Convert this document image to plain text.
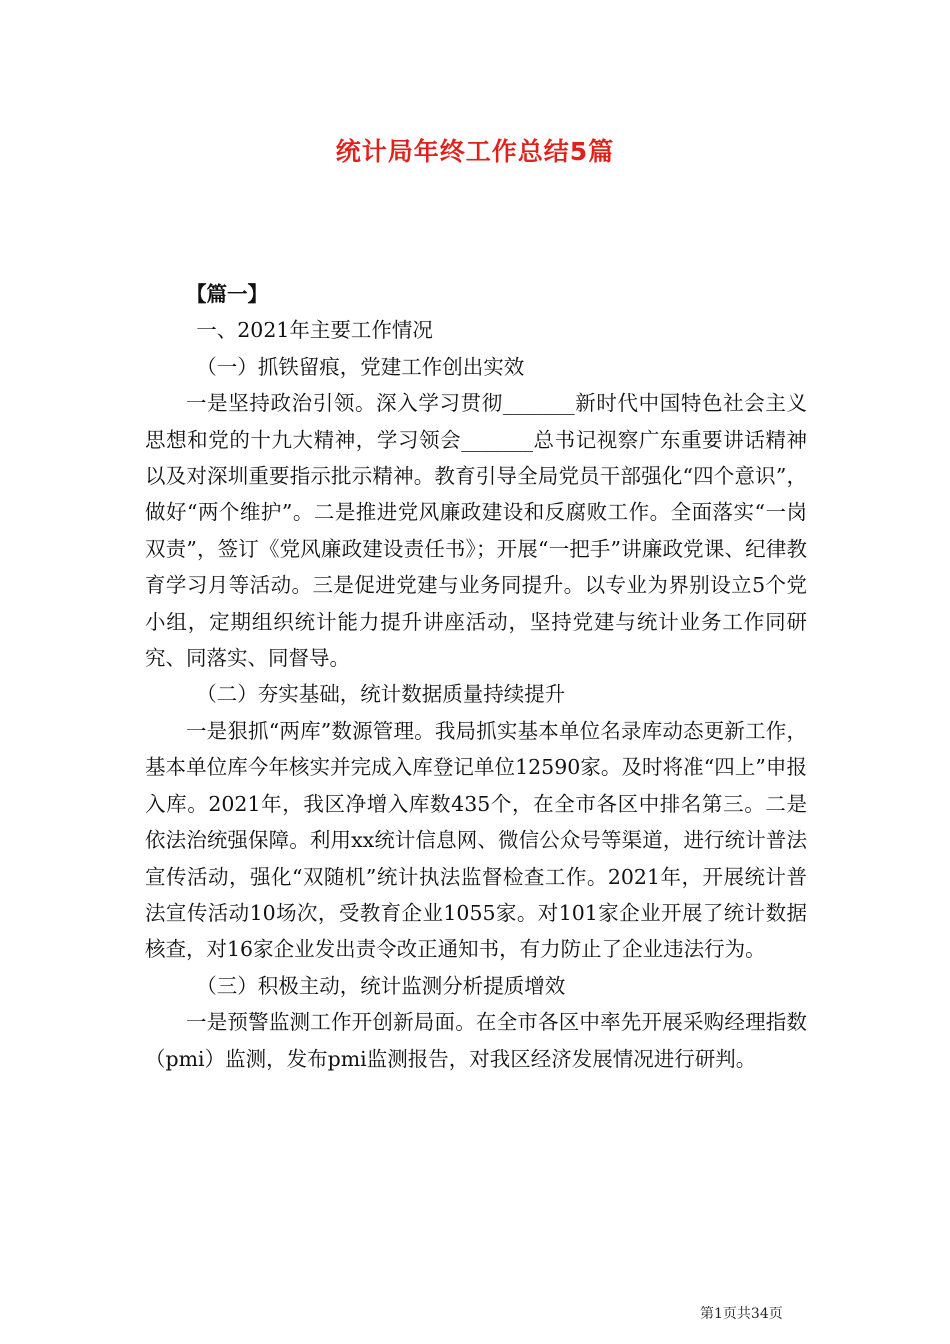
统计局年终工作总结5篇

【篇一】

一、2021年主要工作情况

（一）抓铁留痕，党建工作创出实效

一是坚持政治引领。深入学习贯彻_______新时代中国特色社会主义思想和党的十九大精神，学习领会_______总书记视察广东重要讲话精神以及对深圳重要指示批示精神。教育引导全局党员干部强化“四个意识”，做好“两个维护”。二是推进党风廉政建设和反腐败工作。全面落实“一岗双责”，签订《党风廉政建设责任书》；开展“一把手”讲廉政党课、纪律教育学习月等活动。三是促进党建与业务同提升。以专业为界别设立5个党小组，定期组织统计能力提升讲座活动，坚持党建与统计业务工作同研究、同落实、同督导。

（二）夯实基础，统计数据质量持续提升

一是狠抓“两库”数源管理。我局抓实基本单位名录库动态更新工作，基本单位库今年核实并完成入库登记单位12590家。及时将准“四上”申报入库。2021年，我区净增入库数435个，在全市各区中排名第三。二是依法治统强保障。利用xx统计信息网、微信公众号等渠道，进行统计普法宣传活动，强化“双随机”统计执法监督检查工作。2021年，开展统计普法宣传活动10场次，受教育企业1055家。对101家企业开展了统计数据核查，对16家企业发出责令改正通知书，有力防止了企业违法行为。

（三）积极主动，统计监测分析提质增效

一是预警监测工作开创新局面。在全市各区中率先开展采购经理指数（pmi）监测，发布pmi监测报告，对我区经济发展情况进行研判。

第1页共34页
